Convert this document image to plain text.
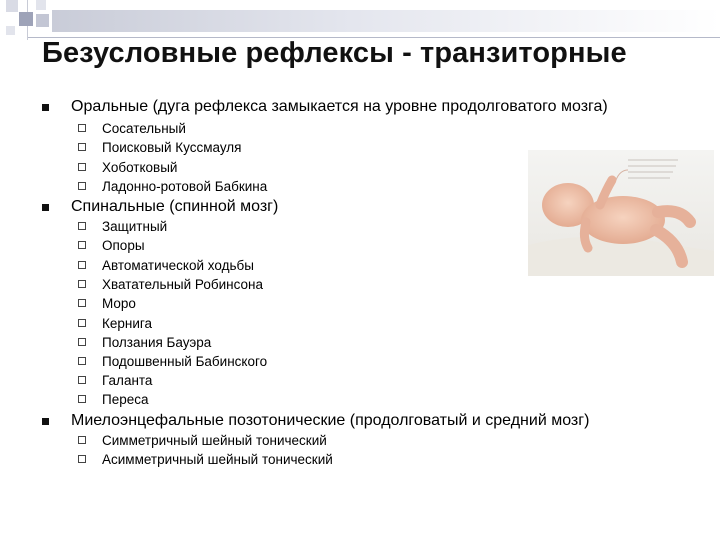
Безусловные рефлексы - транзиторные
Оральные (дуга рефлекса замыкается на уровне продолговатого мозга)
Сосательный
Поисковый Куссмауля
Хоботковый
Ладонно-ротовой Бабкина
Спинальные (спинной мозг)
Защитный
Опоры
Автоматической ходьбы
Хватательный Робинсона
Моро
Кернига
Ползания Бауэра
Подошвенный Бабинского
Галанта
Переса
Миелоэнцефальные позотонические (продолговатый и средний мозг)
Симметричный шейный тонический
Асимметричный шейный тонический
